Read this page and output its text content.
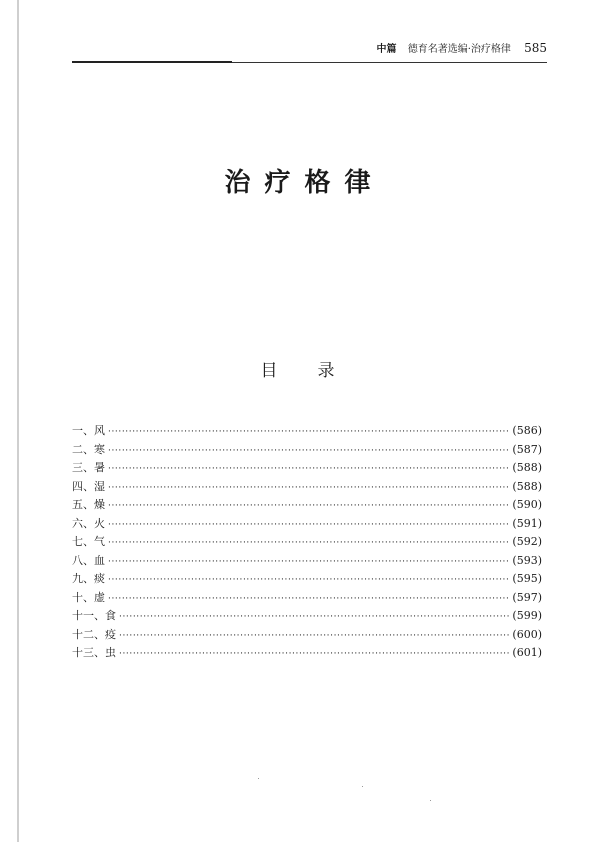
中篇 德育名著选编·治疗格律 585
治疗格律
目录
一、风 ·····	(586)
二、寒 ·····	(587)
三、暑 ·····	(588)
四、湿 ·····	(588)
五、燥 ·····	(590)
六、火 ·····	(591)
七、气 ·····	(592)
八、血 ·····	(593)
九、痰 ·····	(595)
十、虚 ·····	(597)
十一、食 ·····	(599)
十二、疫 ·····	(600)
十三、虫 ·····	(601)
